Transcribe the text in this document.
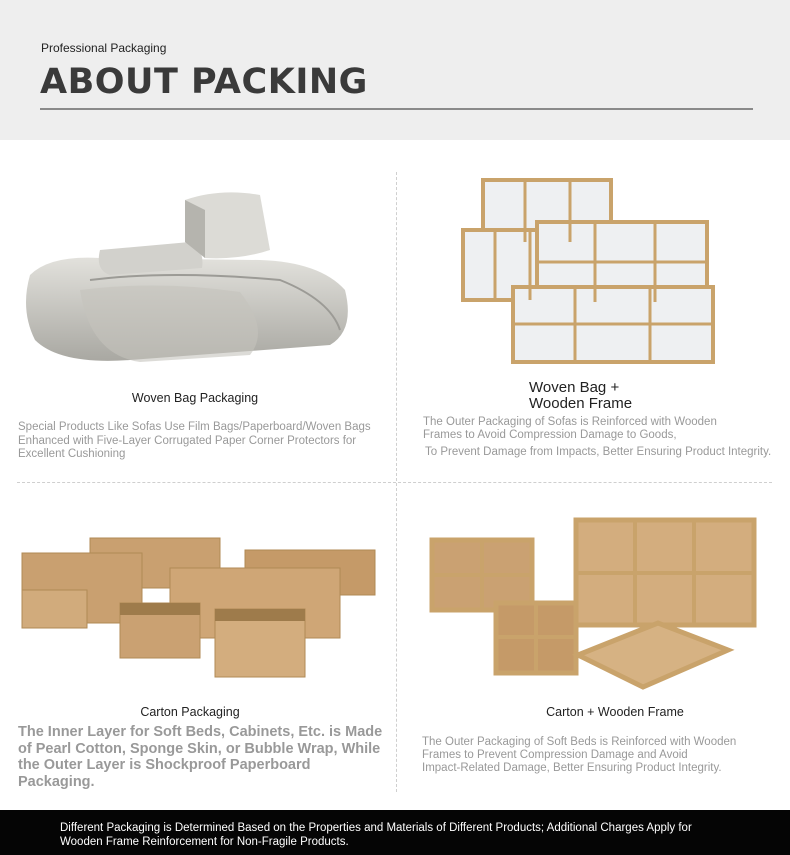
Professional Packaging
ABOUT PACKING
Woven Bag Packaging
Special Products Like Sofas Use Film Bags/Paperboard/Woven Bags
Enhanced with Five-Layer Corrugated Paper Corner Protectors for
Excellent Cushioning
Woven Bag +
Wooden Frame
The Outer Packaging of Sofas is Reinforced with Wooden
Frames to Avoid Compression Damage to Goods,
To Prevent Damage from Impacts, Better Ensuring Product Integrity.
Carton Packaging
The Inner Layer for Soft Beds, Cabinets, Etc. is Made
of Pearl Cotton, Sponge Skin, or Bubble Wrap, While
the Outer Layer is Shockproof Paperboard
Packaging.
Carton + Wooden Frame
The Outer Packaging of Soft Beds is Reinforced with Wooden
Frames to Prevent Compression Damage and Avoid
Impact-Related Damage, Better Ensuring Product Integrity.
Different Packaging is Determined Based on the Properties and Materials of Different Products; Additional Charges Apply for
Wooden Frame Reinforcement for Non-Fragile Products.
